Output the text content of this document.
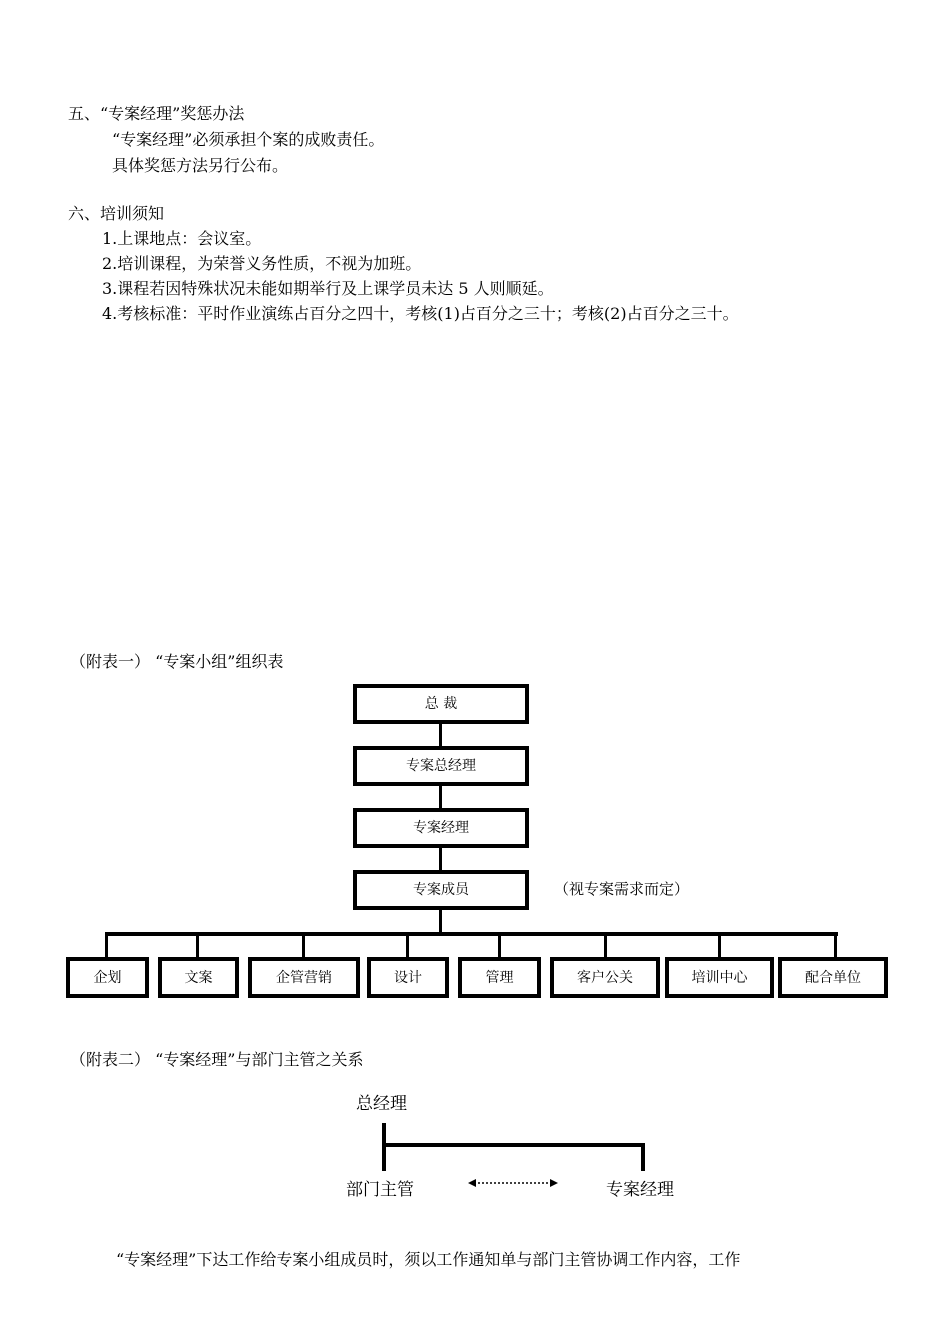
五、“专案经理”奖惩办法
“专案经理”必须承担个案的成败责任。
具体奖惩方法另行公布。
六、培训须知
1.上课地点：会议室。
2.培训课程，为荣誉义务性质，不视为加班。
3.课程若因特殊状况未能如期举行及上课学员未达 5 人则顺延。
4.考核标准：平时作业演练占百分之四十，考核(1)占百分之三十；考核(2)占百分之三十。
（附表一） “专案小组”组织表
总 裁
专案总经理
专案经理
专案成员	（视专案需求而定）
企划	文案	企管营销	设计	管理	客户公关	培训中心	配合单位
（附表二） “专案经理”与部门主管之关系
总经理
部门主管	专案经理
“专案经理”下达工作给专案小组成员时，须以工作通知单与部门主管协调工作内容，工作
